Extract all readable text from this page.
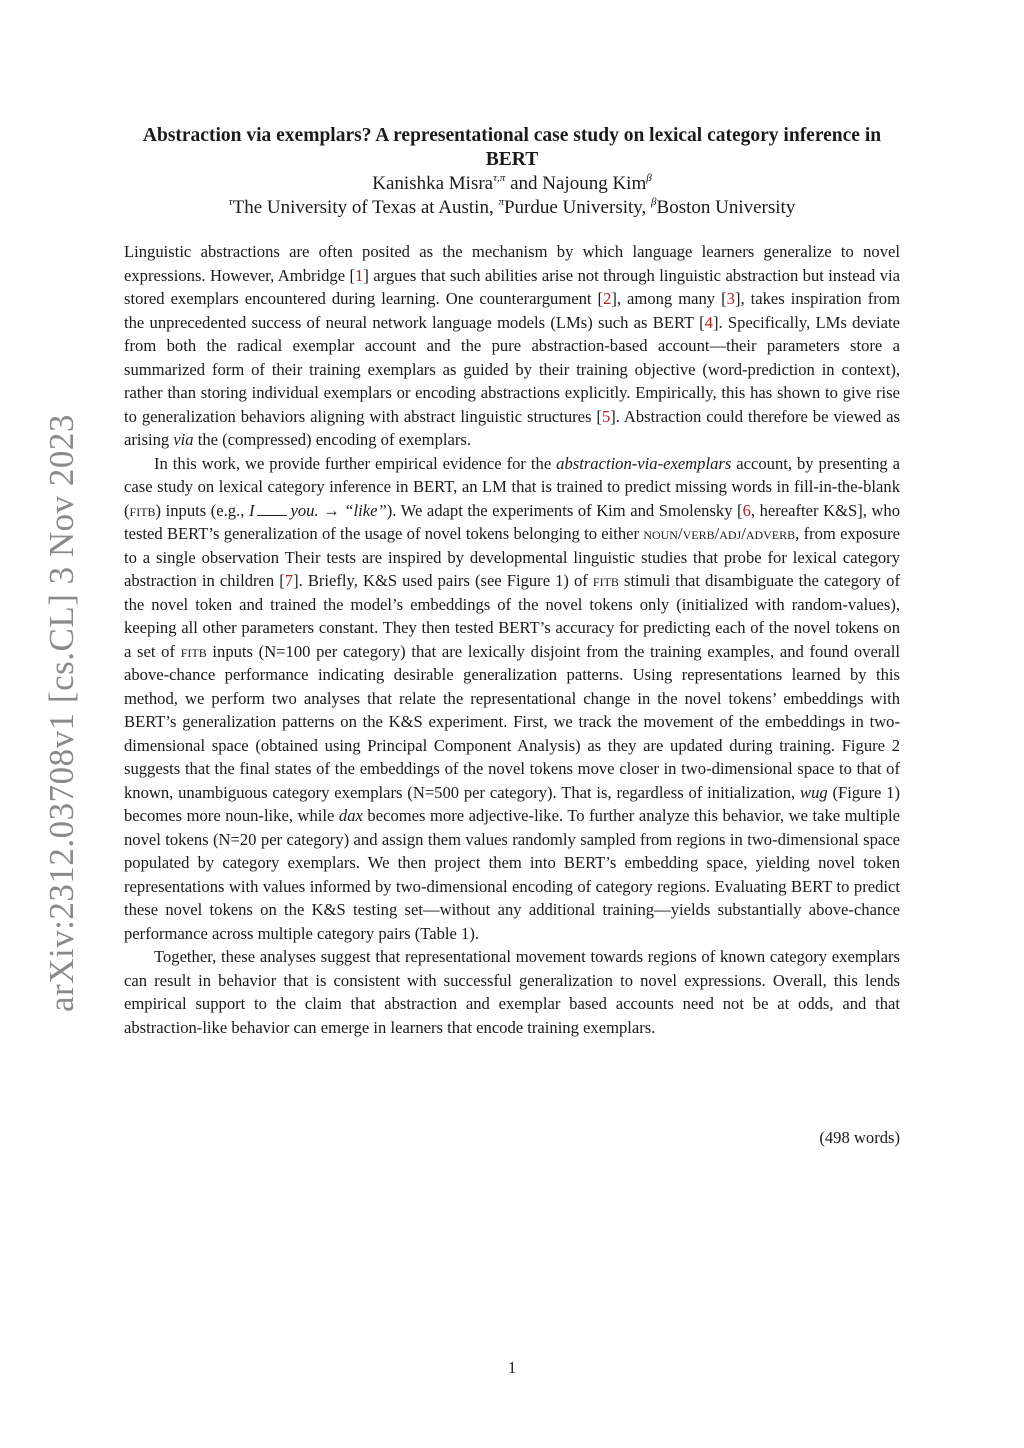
arXiv:2312.03708v1 [cs.CL] 3 Nov 2023
Abstraction via exemplars? A representational case study on lexical category inference in BERT
Kanishka Misra$^{\tau,\pi}$ and Najoung Kim$^\beta$
$^\tau$The University of Texas at Austin, $^\pi$Purdue University, $^\beta$Boston University

Linguistic abstractions are often posited as the mechanism by which language learners generalize to novel expressions. However, Ambridge [1] argues that such abilities arise not through linguistic abstraction but instead via stored exemplars encountered during learning. One counterargument [2], among many [3], takes inspiration from the unprecedented success of neural network language models (LMs) such as BERT [4]. Specifically, LMs deviate from both the radical exemplar account and the pure abstraction-based account—their parameters store a summarized form of their training exemplars as guided by their training objective (word-prediction in context), rather than storing individual exemplars or encoding abstractions explicitly. Empirically, this has shown to give rise to generalization behaviors aligning with abstract linguistic structures [5]. Abstraction could therefore be viewed as arising via the (compressed) encoding of exemplars.

In this work, we provide further empirical evidence for the abstraction-via-exemplars account, by presenting a case study on lexical category inference in BERT, an LM that is trained to predict missing words in fill-in-the-blank (fitb) inputs (e.g., I you. → “like”). We adapt the experiments of Kim and Smolensky [6, hereafter K&S], who tested BERT’s generalization of the usage of novel tokens belonging to either noun/verb/adj/adverb, from exposure to a single observation Their tests are inspired by developmental linguistic studies that probe for lexical category abstraction in children [7]. Briefly, K&S used pairs (see Figure 1) of fitb stimuli that disambiguate the category of the novel token and trained the model’s embeddings of the novel tokens only (initialized with random-values), keeping all other parameters constant. They then tested BERT’s accuracy for predicting each of the novel tokens on a set of fitb inputs (N=100 per category) that are lexically disjoint from the training examples, and found overall above-chance performance indicating desirable generalization patterns. Using representations learned by this method, we perform two analyses that relate the representational change in the novel tokens’ embeddings with BERT’s generalization patterns on the K&S experiment. First, we track the movement of the embeddings in two-dimensional space (obtained using Principal Component Analysis) as they are updated during training. Figure 2 suggests that the final states of the embeddings of the novel tokens move closer in two-dimensional space to that of known, unambiguous category exemplars (N=500 per category). That is, regardless of initialization, wug (Figure 1) becomes more noun-like, while dax becomes more adjective-like. To further analyze this behavior, we take multiple novel tokens (N=20 per category) and assign them values randomly sampled from regions in two-dimensional space populated by category exemplars. We then project them into BERT’s embedding space, yielding novel token representations with values informed by two-dimensional encoding of category regions. Evaluating BERT to predict these novel tokens on the K&S testing set—without any additional training—yields substantially above-chance performance across multiple category pairs (Table 1).

Together, these analyses suggest that representational movement towards regions of known category exemplars can result in behavior that is consistent with successful generalization to novel expressions. Overall, this lends empirical support to the claim that abstraction and exemplar based accounts need not be at odds, and that abstraction-like behavior can emerge in learners that encode training exemplars.

(498 words)
1
